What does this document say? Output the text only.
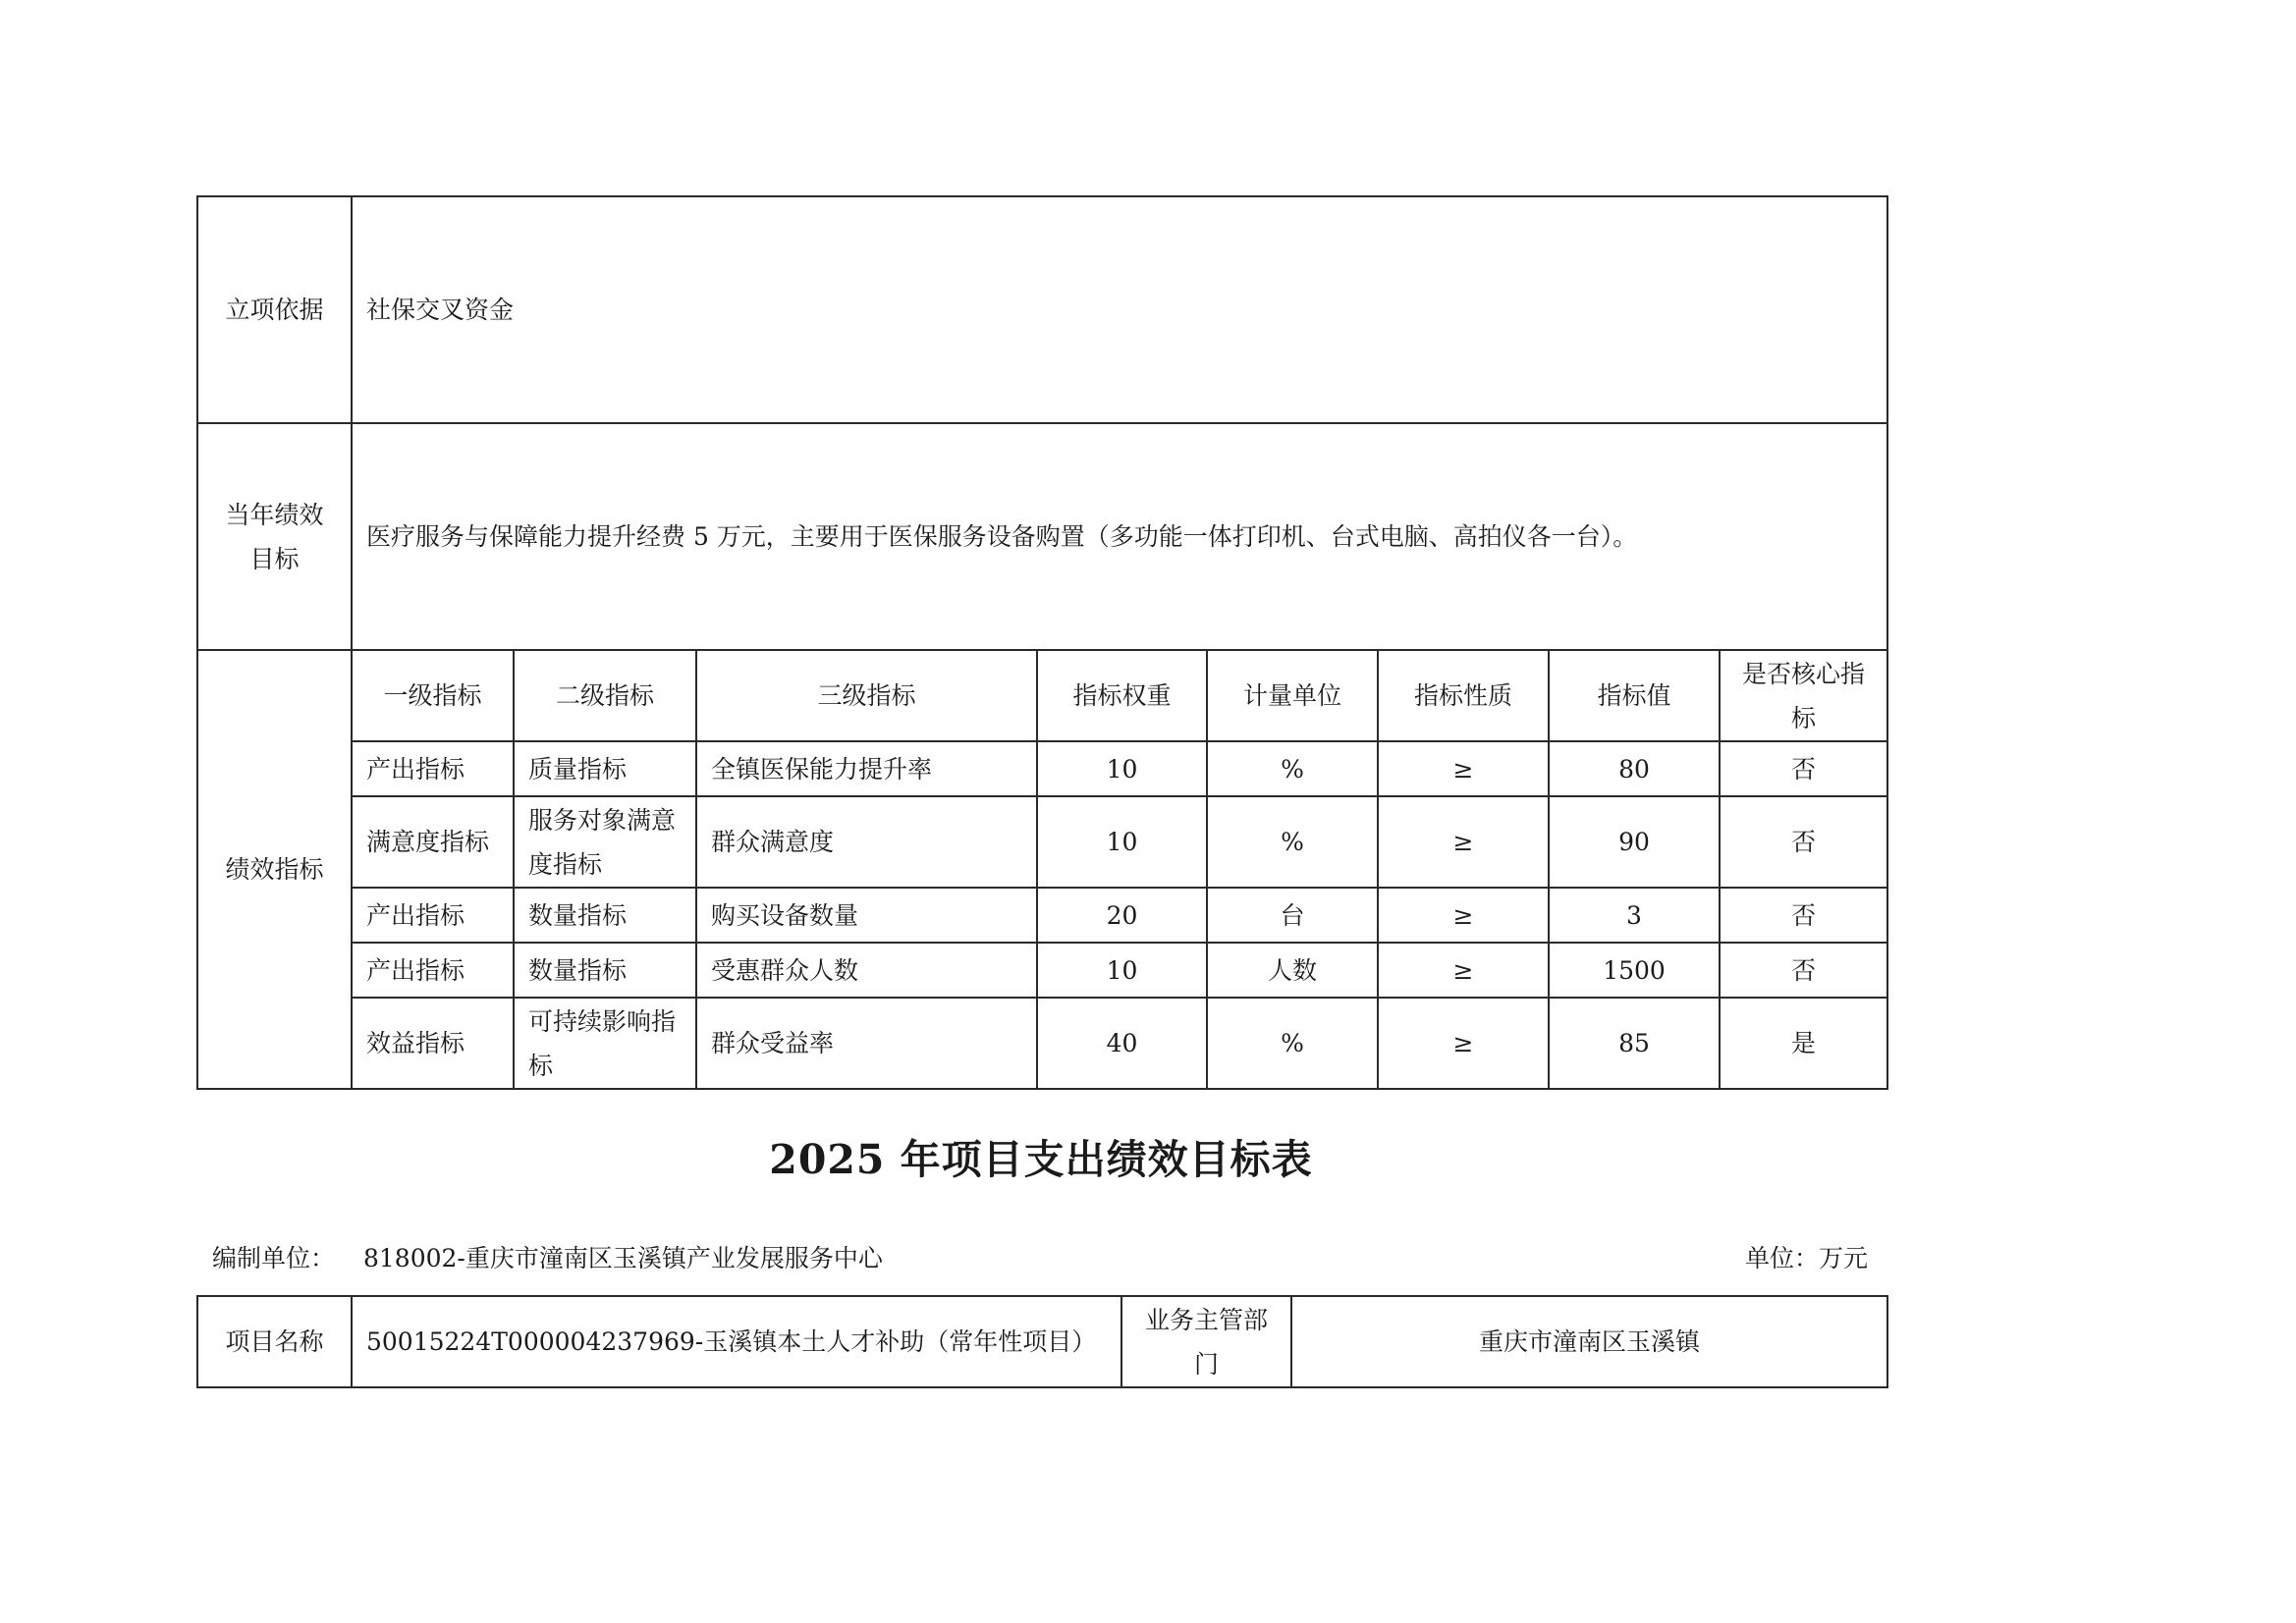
立项依据	社保交叉资金							
当年绩效目标	医疗服务与保障能力提升经费 5 万元，主要用于医保服务设备购置（多功能一体打印机、台式电脑、高拍仪各一台）。							
绩效指标	一级指标	二级指标	三级指标	指标权重	计量单位	指标性质	指标值	是否核心指标
	产出指标	质量指标	全镇医保能力提升率	10	%	≥	80	否
	满意度指标	服务对象满意度指标	群众满意度	10	%	≥	90	否
	产出指标	数量指标	购买设备数量	20	台	≥	3	否
	产出指标	数量指标	受惠群众人数	10	人数	≥	1500	否
	效益指标	可持续影响指标	群众受益率	40	%	≥	85	是
2025 年项目支出绩效目标表
编制单位： 818002-重庆市潼南区玉溪镇产业发展服务中心	单位：万元
项目名称	50015224T000004237969-玉溪镇本土人才补助（常年性项目）	业务主管部门	重庆市潼南区玉溪镇
